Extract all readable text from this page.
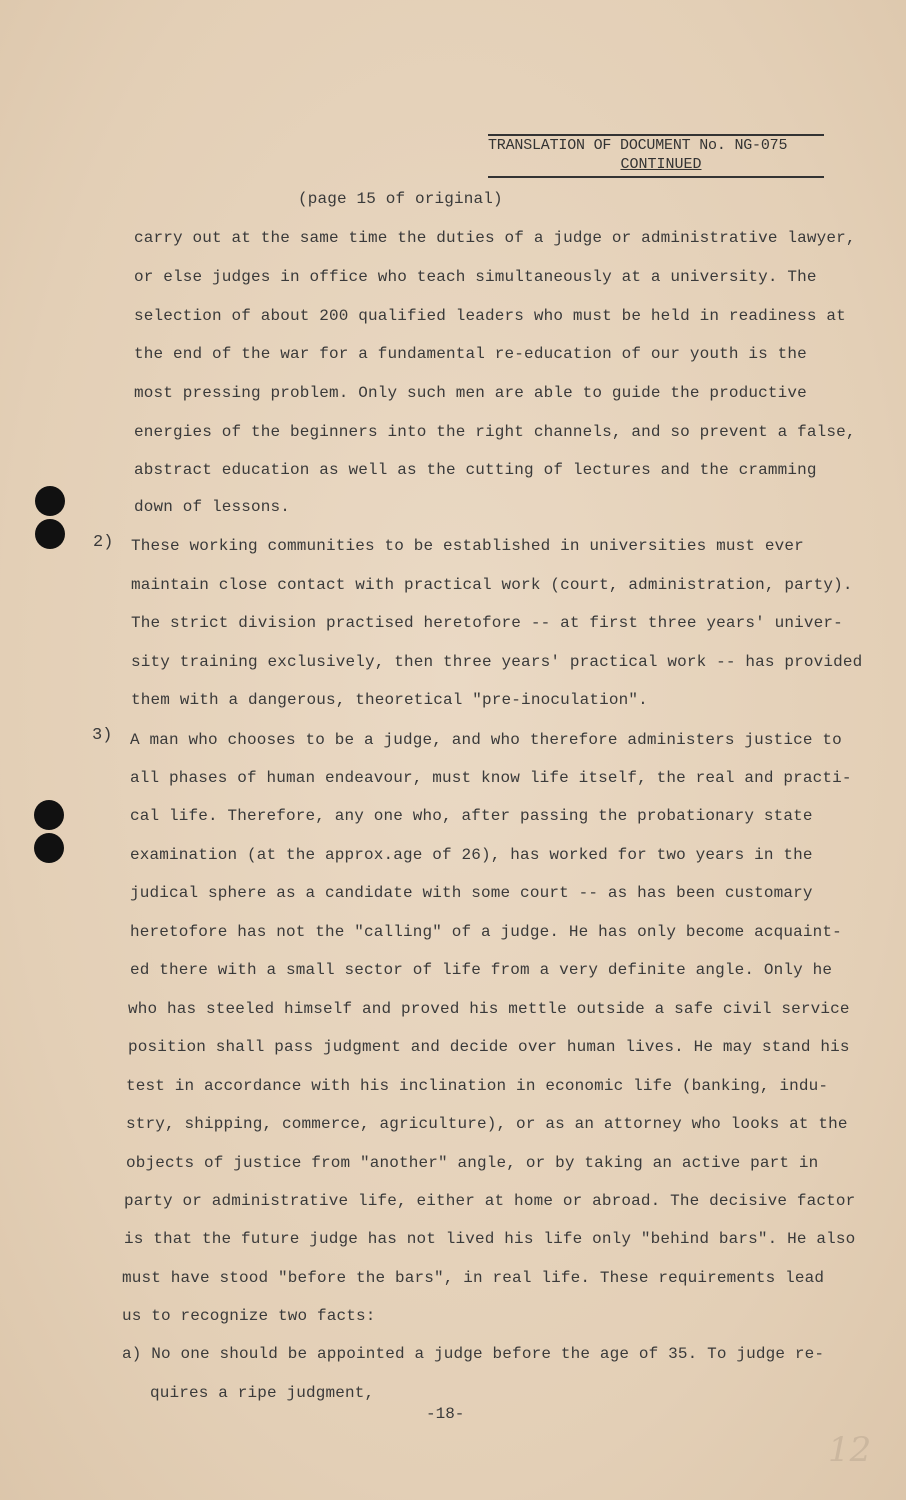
TRANSLATION OF DOCUMENT No. NG-075
CONTINUED
(page 15 of original)
carry out at the same time the duties of a judge or administrative lawyer,
or else judges in office who teach simultaneously at a university. The
selection of about 200 qualified leaders who must be held in readiness at
the end of the war for a fundamental re-education of our youth is the
most pressing problem. Only such men are able to guide the productive
energies of the beginners into the right channels, and so prevent a false,
abstract education as well as the cutting of lectures and the cramming
down of lessons.
2) These working communities to be established in universities must ever
maintain close contact with practical work (court, administration, party).
The strict division practised heretofore -- at first three years' univer-
sity training exclusively, then three years' practical work -- has provided
them with a dangerous, theoretical "pre-inoculation".
3) A man who chooses to be a judge, and who therefore administers justice to
all phases of human endeavour, must know life itself, the real and practi-
cal life. Therefore, any one who, after passing the probationary state
examination (at the approx.age of 26), has worked for two years in the
judical sphere as a candidate with some court -- as has been customary
heretofore has not the "calling" of a judge. He has only become acquaint-
ed there with a small sector of life from a very definite angle. Only he
who has steeled himself and proved his mettle outside a safe civil service
position shall pass judgment and decide over human lives. He may stand his
test in accordance with his inclination in economic life (banking, indu-
stry, shipping, commerce, agriculture), or as an attorney who looks at the
objects of justice from "another" angle, or by taking an active part in
party or administrative life, either at home or abroad. The decisive factor
is that the future judge has not lived his life only "behind bars". He also
must have stood "before the bars", in real life. These requirements lead
us to recognize two facts:
a) No one should be appointed a judge before the age of 35. To judge re-
quires a ripe judgment,
-18-
12
